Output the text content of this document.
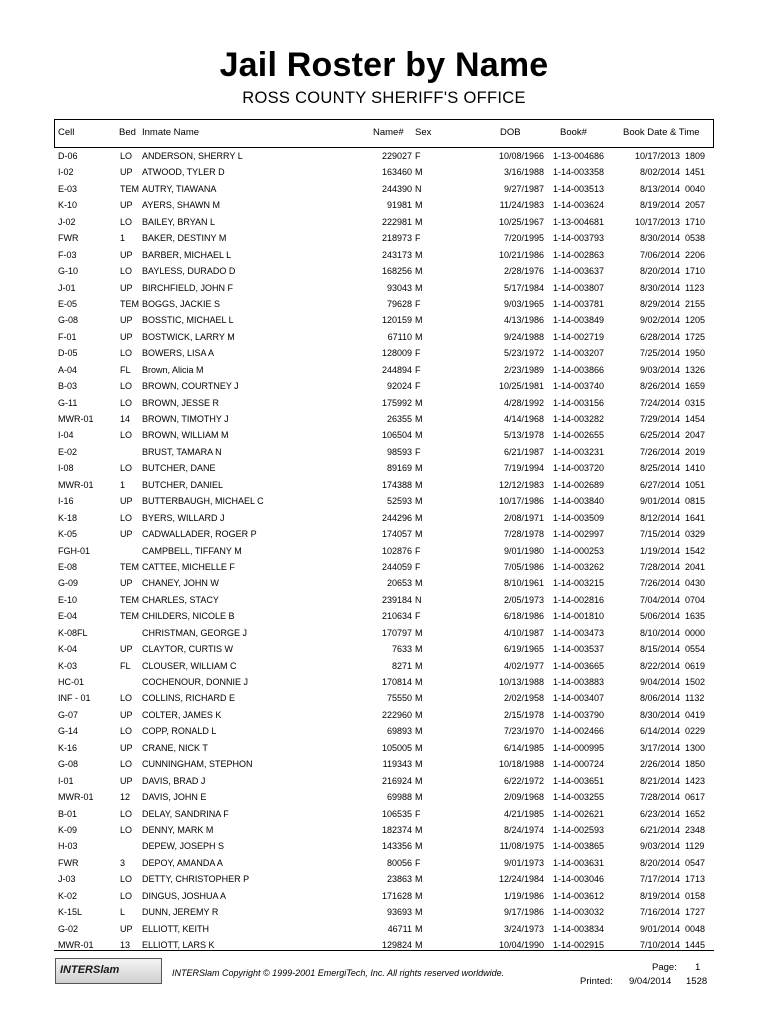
Jail Roster by Name
ROSS COUNTY SHERIFF'S OFFICE
Cell	Bed Inmate Name	Name# Sex	DOB	Book#	Book Date & Time
D-06	LO	ANDERSON, SHERRY L	229027 F	10/08/1966 1-13-004686	10/17/2013 1809
I-02	UP	ATWOOD, TYLER D	163460 M	3/16/1988 1-14-003358	8/02/2014 1451
E-03	TEM AUTRY, TIAWANA	244390 N	9/27/1987 1-14-003513	8/13/2014 0040
K-10	UP	AYERS, SHAWN M	91981 M	11/24/1983 1-14-003624	8/19/2014 2057
J-02	LO	BAILEY, BRYAN L	222981 M	10/25/1967 1-13-004681	10/17/2013 1710
FWR	1	BAKER, DESTINY M	218973 F	7/20/1995 1-14-003793	8/30/2014 0538
F-03	UP	BARBER, MICHAEL L	243173 M	10/21/1986 1-14-002863	7/06/2014 2206
G-10	LO	BAYLESS, DURADO D	168256 M	2/28/1976 1-14-003637	8/20/2014 1710
J-01	UP	BIRCHFIELD, JOHN F	93043 M	5/17/1984 1-14-003807	8/30/2014 1123
E-05	TEM BOGGS, JACKIE S	79628 F	9/03/1965 1-14-003781	8/29/2014 2155
G-08	UP	BOSSTIC, MICHAEL L	120159 M	4/13/1986 1-14-003849	9/02/2014 1205
F-01	UP	BOSTWICK, LARRY M	67110 M	9/24/1988 1-14-002719	6/28/2014 1725
D-05	LO	BOWERS, LISA A	128009 F	5/23/1972 1-14-003207	7/25/2014 1950
A-04	FL	Brown, Alicia M	244894 F	2/23/1989 1-14-003866	9/03/2014 1326
B-03	LO	BROWN, COURTNEY J	92024 F	10/25/1981 1-14-003740	8/26/2014 1659
G-11	LO	BROWN, JESSE R	175992 M	4/28/1992 1-14-003156	7/24/2014 0315
MWR-01	14	BROWN, TIMOTHY J	26355 M	4/14/1968 1-14-003282	7/29/2014 1454
I-04	LO	BROWN, WILLIAM M	106504 M	5/13/1978 1-14-002655	6/25/2014 2047
E-02	BRUST, TAMARA N	98593 F	6/21/1987 1-14-003231	7/26/2014 2019
I-08	LO	BUTCHER, DANE	89169 M	7/19/1994 1-14-003720	8/25/2014 1410
MWR-01	1	BUTCHER, DANIEL	174388 M	12/12/1983 1-14-002689	6/27/2014 1051
I-16	UP	BUTTERBAUGH, MICHAEL C	52593 M	10/17/1986 1-14-003840	9/01/2014 0815
K-18	LO	BYERS, WILLARD J	244296 M	2/08/1971 1-14-003509	8/12/2014 1641
K-05	UP	CADWALLADER, ROGER P	174057 M	7/28/1978 1-14-002997	7/15/2014 0329
FGH-01	CAMPBELL, TIFFANY M	102876 F	9/01/1980 1-14-000253	1/19/2014 1542
E-08	TEM CATTEE, MICHELLE F	244059 F	7/05/1986 1-14-003262	7/28/2014 2041
G-09	UP	CHANEY, JOHN W	20653 M	8/10/1961 1-14-003215	7/26/2014 0430
E-10	TEM CHARLES, STACY	239184 N	2/05/1973 1-14-002816	7/04/2014 0704
E-04	TEM CHILDERS, NICOLE B	210634 F	6/18/1986 1-14-001810	5/06/2014 1635
K-08FL	CHRISTMAN, GEORGE J	170797 M	4/10/1987 1-14-003473	8/10/2014 0000
K-04	UP	CLAYTOR, CURTIS W	7633 M	6/19/1965 1-14-003537	8/15/2014 0554
K-03	FL	CLOUSER, WILLIAM C	8271 M	4/02/1977 1-14-003665	8/22/2014 0619
HC-01	COCHENOUR, DONNIE J	170814 M	10/13/1988 1-14-003883	9/04/2014 1502
INF - 01	LO	COLLINS, RICHARD E	75550 M	2/02/1958 1-14-003407	8/06/2014 1132
G-07	UP	COLTER, JAMES K	222960 M	2/15/1978 1-14-003790	8/30/2014 0419
G-14	LO	COPP, RONALD L	69893 M	7/23/1970 1-14-002466	6/14/2014 0229
K-16	UP	CRANE, NICK T	105005 M	6/14/1985 1-14-000995	3/17/2014 1300
G-08	LO	CUNNINGHAM, STEPHON	119343 M	10/18/1988 1-14-000724	2/26/2014 1850
I-01	UP	DAVIS, BRAD J	216924 M	6/22/1972 1-14-003651	8/21/2014 1423
MWR-01	12	DAVIS, JOHN E	69988 M	2/09/1968 1-14-003255	7/28/2014 0617
B-01	LO	DELAY, SANDRINA F	106535 F	4/21/1985 1-14-002621	6/23/2014 1652
K-09	LO	DENNY, MARK M	182374 M	8/24/1974 1-14-002593	6/21/2014 2348
H-03	DEPEW, JOSEPH S	143356 M	11/08/1975 1-14-003865	9/03/2014 1129
FWR	3	DEPOY, AMANDA A	80056 F	9/01/1973 1-14-003631	8/20/2014 0547
J-03	LO	DETTY, CHRISTOPHER P	23863 M	12/24/1984 1-14-003046	7/17/2014 1713
K-02	LO	DINGUS, JOSHUA A	171628 M	1/19/1986 1-14-003612	8/19/2014 0158
K-15L	L	DUNN, JEREMY R	93693 M	9/17/1986 1-14-003032	7/16/2014 1727
G-02	UP	ELLIOTT, KEITH	46711 M	3/24/1973 1-14-003834	9/01/2014 0048
MWR-01	13	ELLIOTT, LARS K	129824 M	10/04/1990 1-14-002915	7/10/2014 1445
INTERSlam	INTERSlam Copyright © 1999-2001 EmergiTech, Inc. All rights reserved worldwide.	Page: 1
Printed: 9/04/2014 1528
